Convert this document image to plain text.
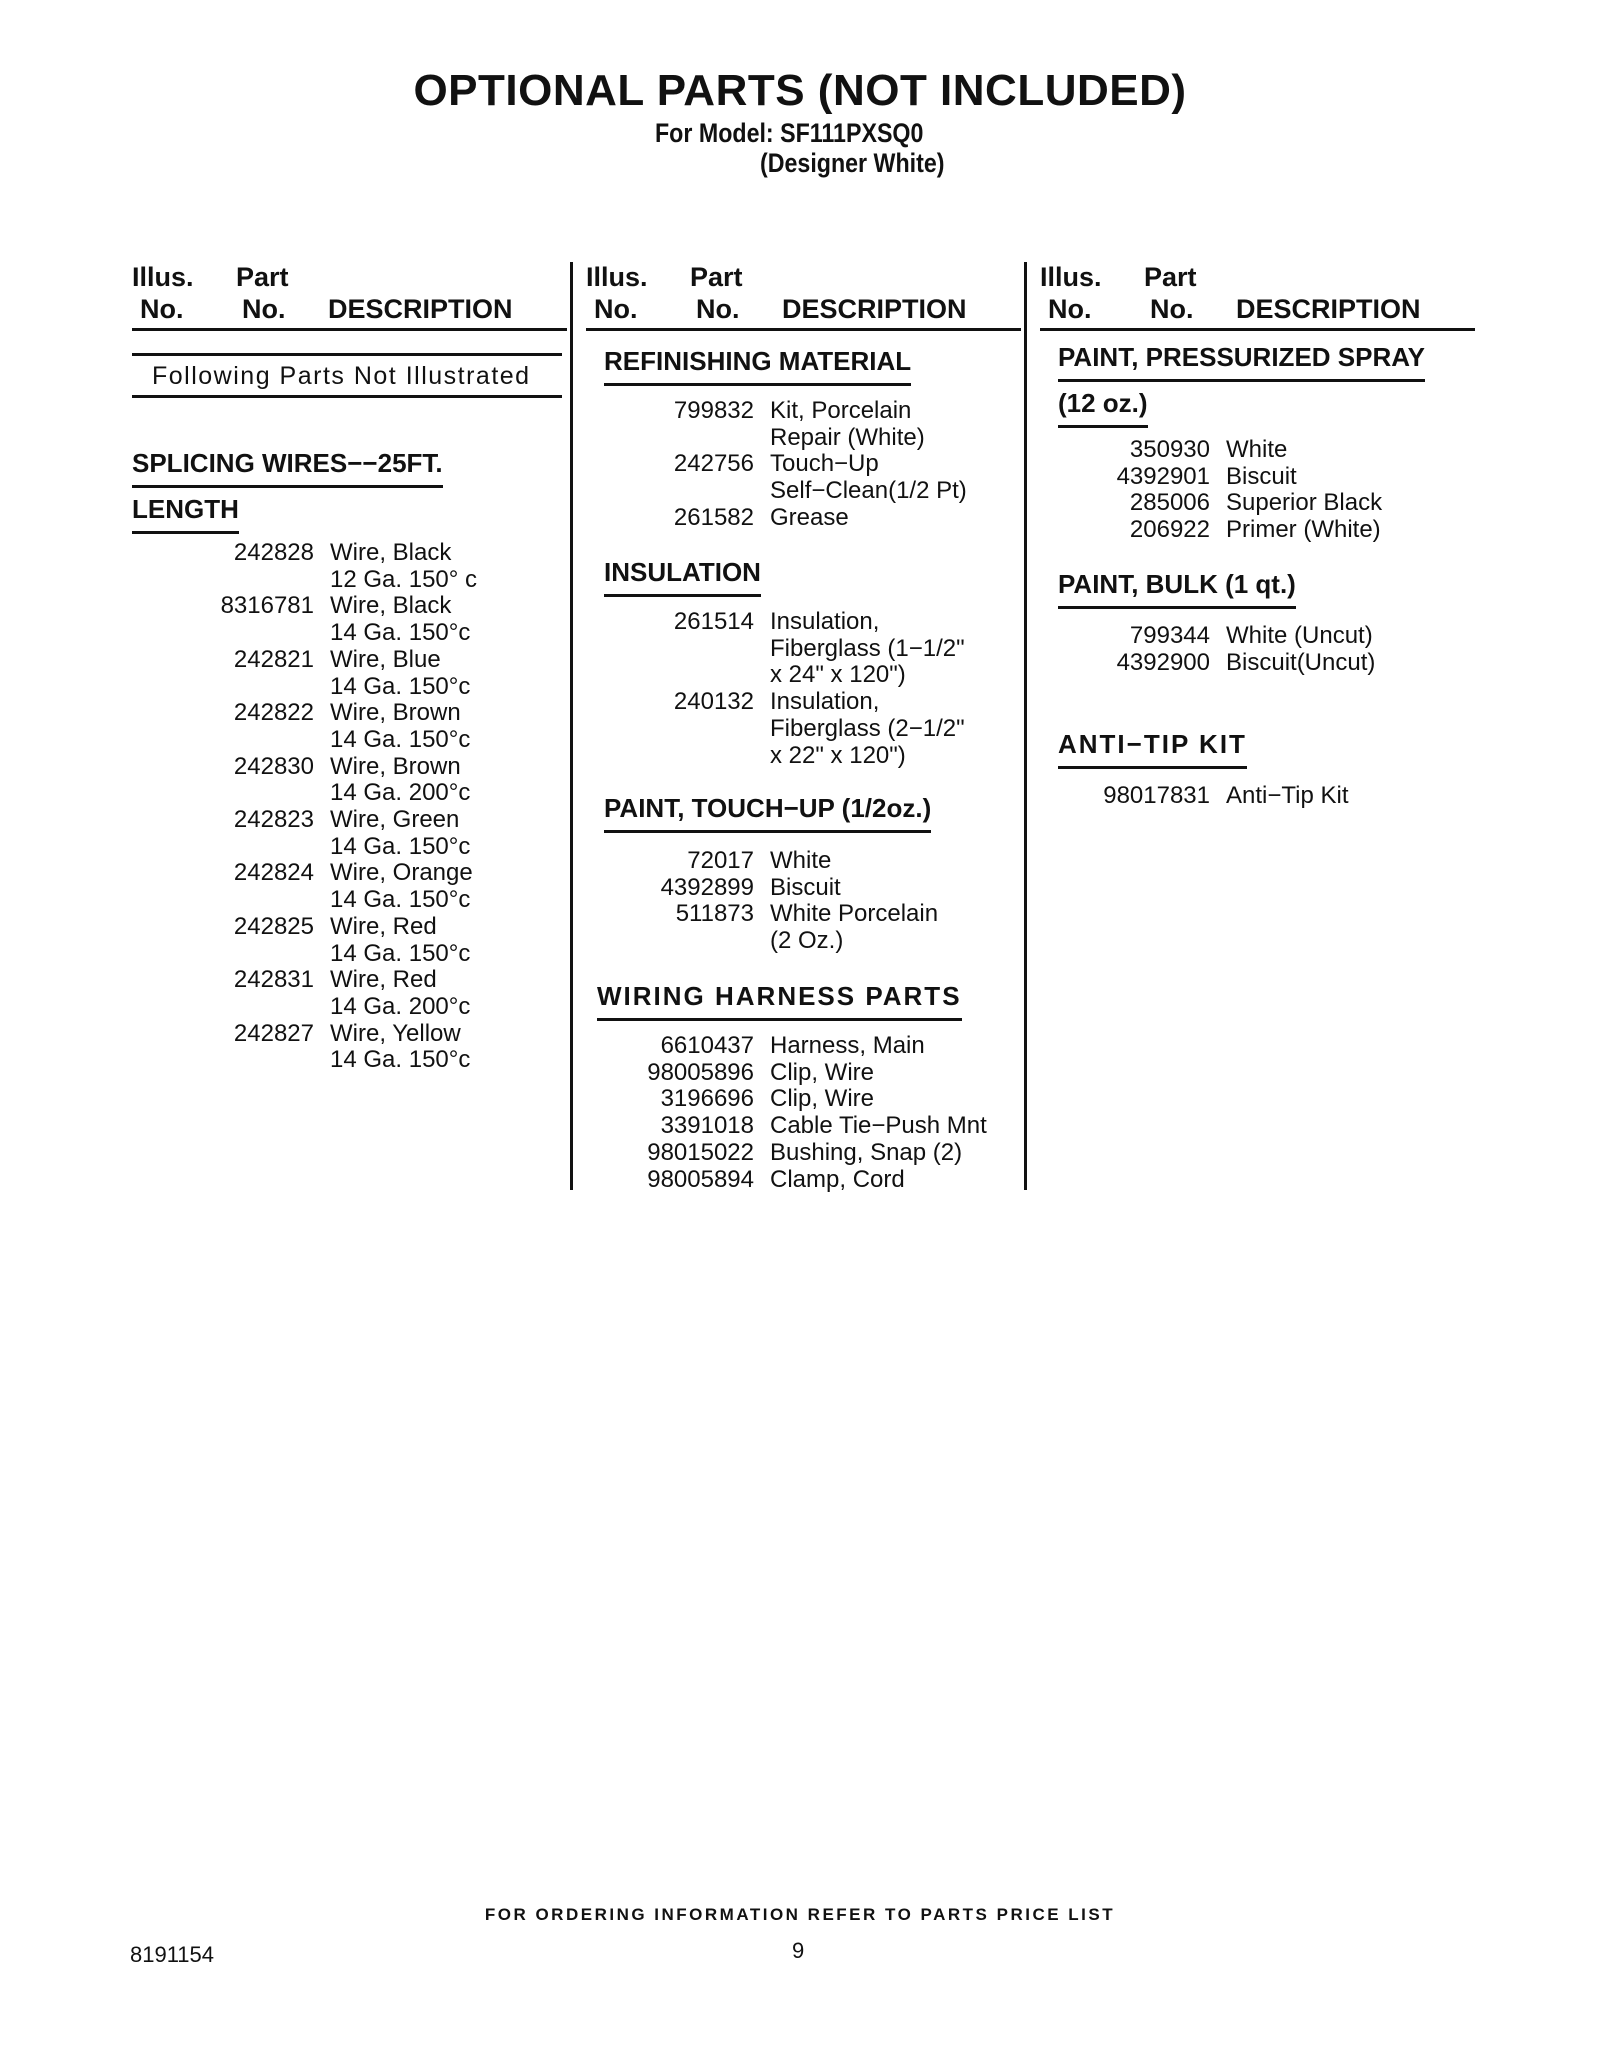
OPTIONAL PARTS (NOT INCLUDED)
For Model: SF111PXSQ0
(Designer White)
Illus.
No.
Part
No. DESCRIPTION
Following Parts Not Illustrated
SPLICING WIRES−−25FT.
LENGTH
242828 Wire, Black
12 Ga. 150° c
8316781 Wire, Black
14 Ga. 150°c
242821 Wire, Blue
14 Ga. 150°c
242822 Wire, Brown
14 Ga. 150°c
242830 Wire, Brown
14 Ga. 200°c
242823 Wire, Green
14 Ga. 150°c
242824 Wire, Orange
14 Ga. 150°c
242825 Wire, Red
14 Ga. 150°c
242831 Wire, Red
14 Ga. 200°c
242827 Wire, Yellow
14 Ga. 150°c
Illus.
No.
Part
No. DESCRIPTION
REFINISHING MATERIAL
799832 Kit, Porcelain
Repair (White)
242756 Touch−Up
Self−Clean(1/2 Pt)
261582 Grease
INSULATION
261514 Insulation,
Fiberglass (1−1/2"
x 24" x 120")
240132 Insulation,
Fiberglass (2−1/2"
x 22" x 120")
PAINT, TOUCH−UP (1/2oz.)
72017 White
4392899 Biscuit
511873 White Porcelain
(2 Oz.)
WIRING HARNESS PARTS
6610437 Harness, Main
98005896 Clip, Wire
3196696 Clip, Wire
3391018 Cable Tie−Push Mnt
98015022 Bushing, Snap (2)
98005894 Clamp, Cord
Illus.
No.
Part
No. DESCRIPTION
PAINT, PRESSURIZED SPRAY
(12 oz.)
350930 White
4392901 Biscuit
285006 Superior Black
206922 Primer (White)
PAINT, BULK (1 qt.)
799344 White (Uncut)
4392900 Biscuit(Uncut)
ANTI−TIP KIT
98017831 Anti−Tip Kit
FOR ORDERING INFORMATION REFER TO PARTS PRICE LIST
8191154	9
